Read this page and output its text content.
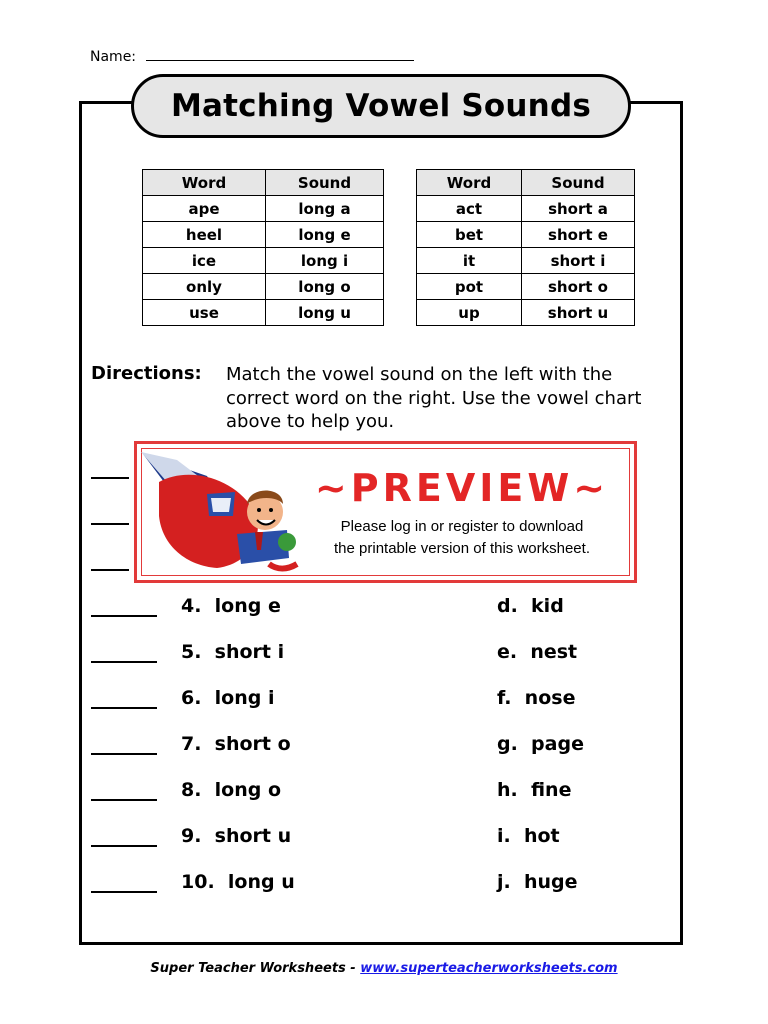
Name:
Matching Vowel Sounds
Word	Sound
ape	long a
heel	long e
ice	long i
only	long o
use	long u
Word	Sound
act	short a
bet	short e
it	short i
pot	short o
up	short u
Directions: Match the vowel sound on the left with the correct word on the right. Use the vowel chart above to help you.
~PREVIEW~
Please log in or register to download
the printable version of this worksheet.
4.  long e	d.  kid
5.  short i	e.  nest
6.  long i	f.  nose
7.  short o	g.  page
8.  long o	h.  fine
9.  short u	i.  hot
10.  long u	j.  huge
Super Teacher Worksheets - www.superteacherworksheets.com
